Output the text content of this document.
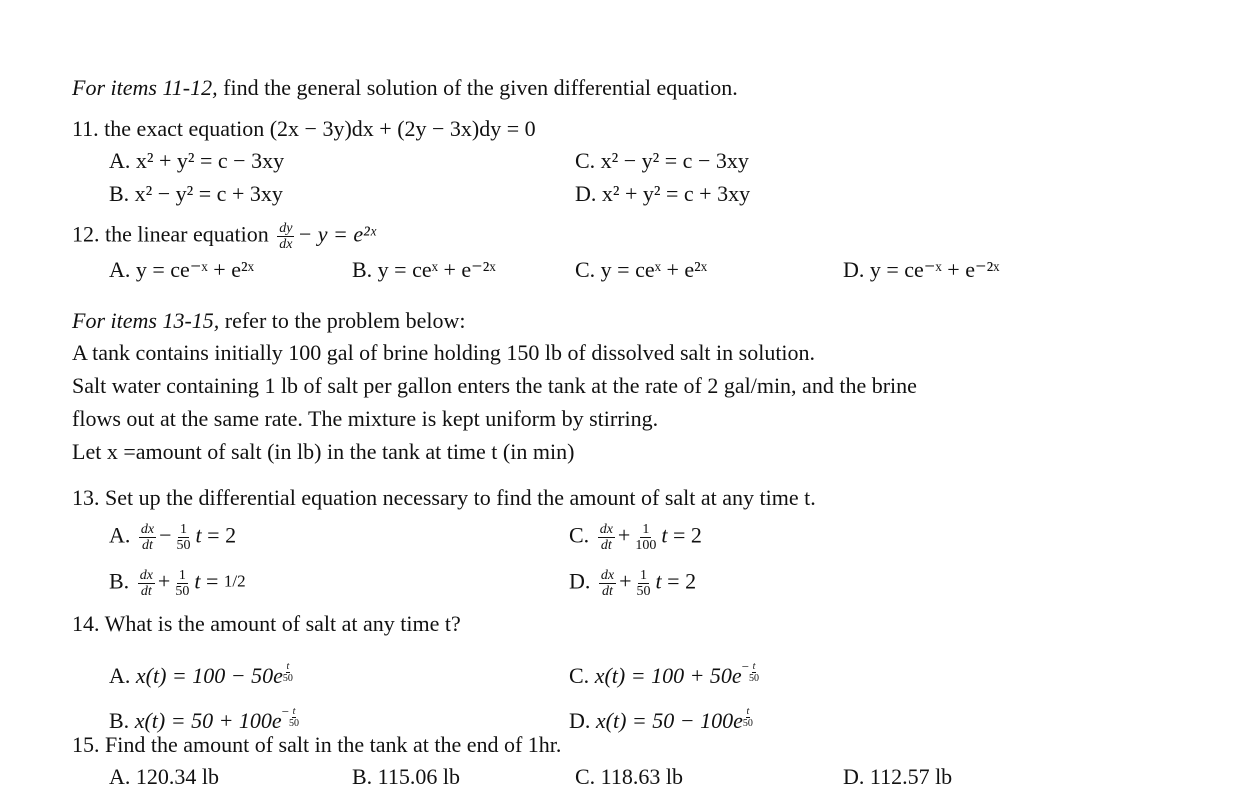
For items 11-12, find the general solution of the given differential equation.
11. the exact equation (2x − 3y)dx + (2y − 3x)dy = 0
A. x² + y² = c − 3xy
B. x² − y² = c + 3xy
C. x² − y² = c − 3xy
D. x² + y² = c + 3xy
12. the linear equation $\frac{dy}{dx} - y$ = e²ˣ
A. y = ce⁻ˣ + e²ˣ	B. y = ceˣ + e⁻²ˣ	C. y = ceˣ + e²ˣ	D. y = ce⁻ˣ + e⁻²ˣ
For items 13-15, refer to the problem below:
A tank contains initially 100 gal of brine holding 150 lb of dissolved salt in solution.
Salt water containing 1 lb of salt per gallon enters the tank at the rate of 2 gal/min, and the brine
flows out at the same rate. The mixture is kept uniform by stirring.
Let x =amount of salt (in lb) in the tank at time t (in min)
13. Set up the differential equation necessary to find the amount of salt at any time t.
A. $\frac{dx}{dt} - \frac{1}{50}$ t = 2
B. $\frac{dx}{dt} + \frac{1}{50}$ t = 1/2
C. $\frac{dx}{dt} + \frac{1}{100}$ t = 2
D. $\frac{dx}{dt} + \frac{1}{50}$ t = 2
14. What is the amount of salt at any time t?
A. $x(t) = 100 - 50e \frac{t}{50}$
B. $x(t) = 50 + 100e^- \frac{t}{50}$
C. $x(t) = 100 + 50e^- \frac{t}{50}$
D. $x(t) = 50 - 100e \frac{t}{50}$
15. Find the amount of salt in the tank at the end of 1hr.
A. 120.34 lb	B. 115.06 lb	C. 118.63 lb	D. 112.57 lb
